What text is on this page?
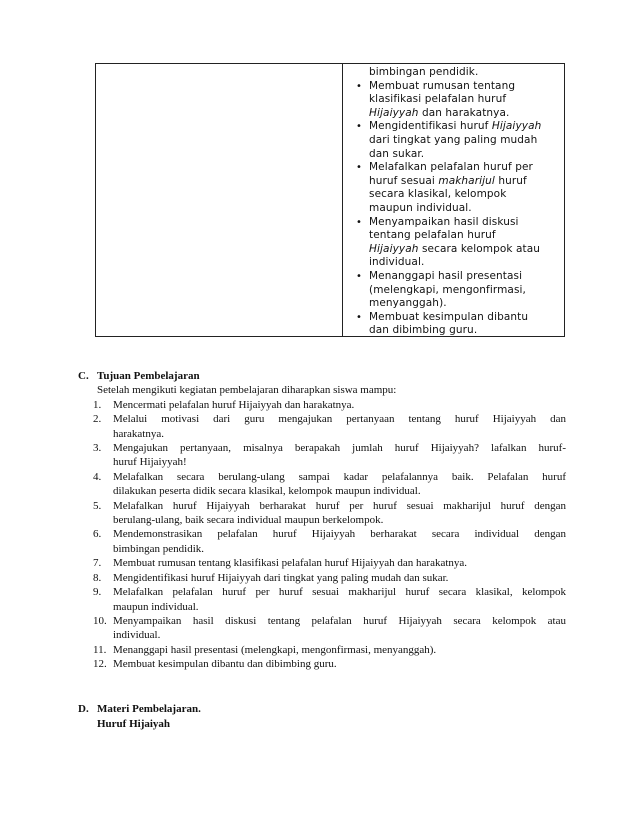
bimbingan pendidik.
• Membuat rumusan tentang
klasifikasi pelafalan huruf
Hijaiyyah dan harakatnya.
• Mengidentifikasi huruf Hijaiyyah
dari tingkat yang paling mudah
dan sukar.
• Melafalkan pelafalan huruf per
huruf sesuai makharijul huruf
secara klasikal, kelompok
maupun individual.
• Menyampaikan hasil diskusi
tentang pelafalan huruf
Hijaiyyah secara kelompok atau
individual.
• Menanggapi hasil presentasi
(melengkapi, mengonfirmasi,
menyanggah).
• Membuat kesimpulan dibantu
dan dibimbing guru.
C. Tujuan Pembelajaran
Setelah mengikuti kegiatan pembelajaran diharapkan siswa mampu:
1.	Mencermati pelafalan huruf Hijaiyyah dan harakatnya.
2.	Melalui motivasi dari guru mengajukan pertanyaan tentang huruf Hijaiyyah dan
harakatnya.
3.	Mengajukan pertanyaan, misalnya berapakah jumlah huruf Hijaiyyah? lafalkan huruf-
huruf Hijaiyyah!
4.	Melafalkan secara berulang-ulang sampai kadar pelafalannya baik. Pelafalan huruf
dilakukan peserta didik secara klasikal, kelompok maupun individual.
5.	Melafalkan huruf Hijaiyyah berharakat huruf per huruf sesuai makharijul huruf dengan
berulang-ulang, baik secara individual maupun berkelompok.
6.	Mendemonstrasikan pelafalan huruf Hijaiyyah berharakat secara individual dengan
bimbingan pendidik.
7.	Membuat rumusan tentang klasifikasi pelafalan huruf Hijaiyyah dan harakatnya.
8.	Mengidentifikasi huruf Hijaiyyah dari tingkat yang paling mudah dan sukar.
9.	Melafalkan pelafalan huruf per huruf sesuai makharijul huruf secara klasikal, kelompok
maupun individual.
10. Menyampaikan hasil diskusi tentang pelafalan huruf Hijaiyyah secara kelompok atau
individual.
11. Menanggapi hasil presentasi (melengkapi, mengonfirmasi, menyanggah).
12. Membuat kesimpulan dibantu dan dibimbing guru.
D. Materi Pembelajaran.
Huruf Hijaiyah
